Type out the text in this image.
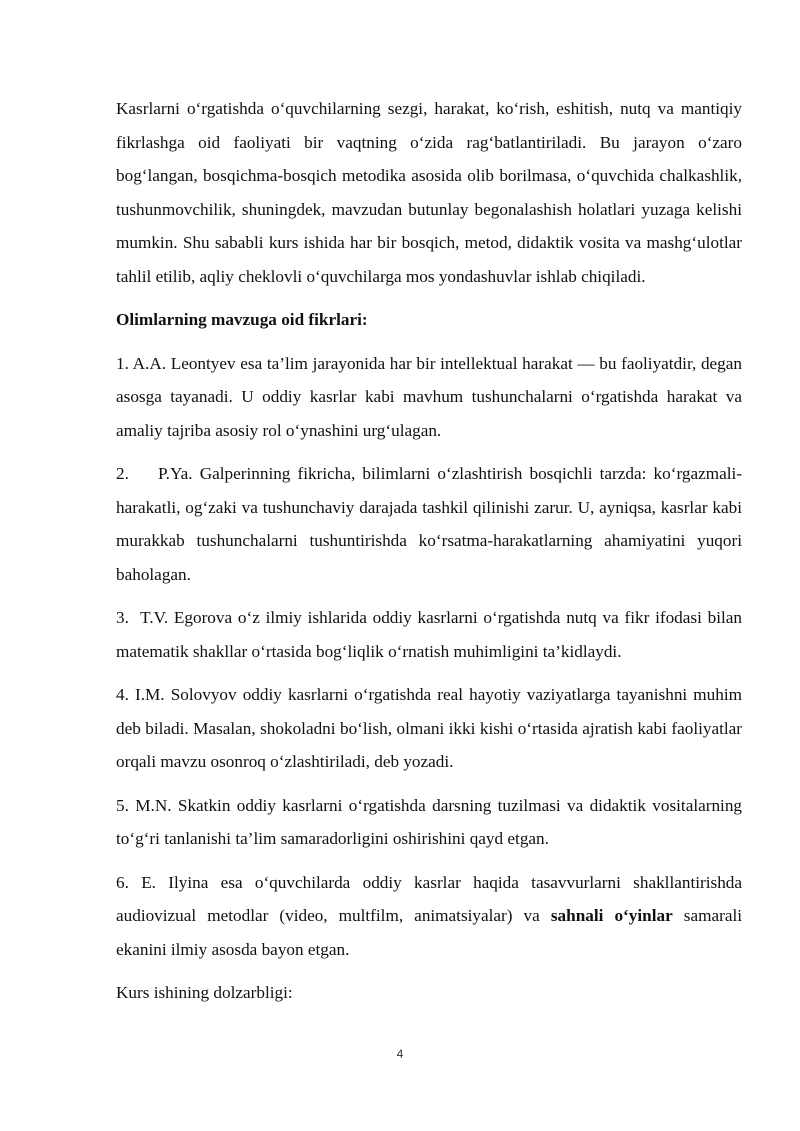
Kasrlarni o‘rgatishda o‘quvchilarning sezgi, harakat, ko‘rish, eshitish, nutq va mantiqiy fikrlashga oid faoliyati bir vaqtning o‘zida rag‘batlantiriladi. Bu jarayon o‘zaro bog‘langan, bosqichma-bosqich metodika asosida olib borilmasa, o‘quvchida chalkashlik, tushunmovchilik, shuningdek, mavzudan butunlay begonalashish holatlari yuzaga kelishi mumkin. Shu sababli kurs ishida har bir bosqich, metod, didaktik vosita va mashg‘ulotlar tahlil etilib, aqliy cheklovli o‘quvchilarga mos yondashuvlar ishlab chiqiladi.

Olimlarning mavzuga oid fikrlari:

1. A.A. Leontyev esa ta’lim jarayonida har bir intellektual harakat — bu faoliyatdir, degan asosga tayanadi. U oddiy kasrlar kabi mavhum tushunchalarni o‘rgatishda harakat va amaliy tajriba asosiy rol o‘ynashini urg‘ulagan.

2. P.Ya. Galperinning fikricha, bilimlarni o‘zlashtirish bosqichli tarzda: ko‘rgazmali-harakatli, og‘zaki va tushunchaviy darajada tashkil qilinishi zarur. U, ayniqsa, kasrlar kabi murakkab tushunchalarni tushuntirishda ko‘rsatma-harakatlarning ahamiyatini yuqori baholagan.

3. T.V. Egorova o‘z ilmiy ishlarida oddiy kasrlarni o‘rgatishda nutq va fikr ifodasi bilan matematik shakllar o‘rtasida bog‘liqlik o‘rnatish muhimligini ta’kidlaydi.

4. I.M. Solovyov oddiy kasrlarni o‘rgatishda real hayotiy vaziyatlarga tayanishni muhim deb biladi. Masalan, shokoladni bo‘lish, olmani ikki kishi o‘rtasida ajratish kabi faoliyatlar orqali mavzu osonroq o‘zlashtiriladi, deb yozadi.

5. M.N. Skatkin oddiy kasrlarni o‘rgatishda darsning tuzilmasi va didaktik vositalarning to‘g‘ri tanlanishi ta’lim samaradorligini oshirishini qayd etgan.

6. E. Ilyina esa o‘quvchilarda oddiy kasrlar haqida tasavvurlarni shakllantirishda audiovizual metodlar (video, multfilm, animatsiyalar) va sahnali o‘yinlar samarali ekanini ilmiy asosda bayon etgan.

Kurs ishining dolzarbligi:

4
